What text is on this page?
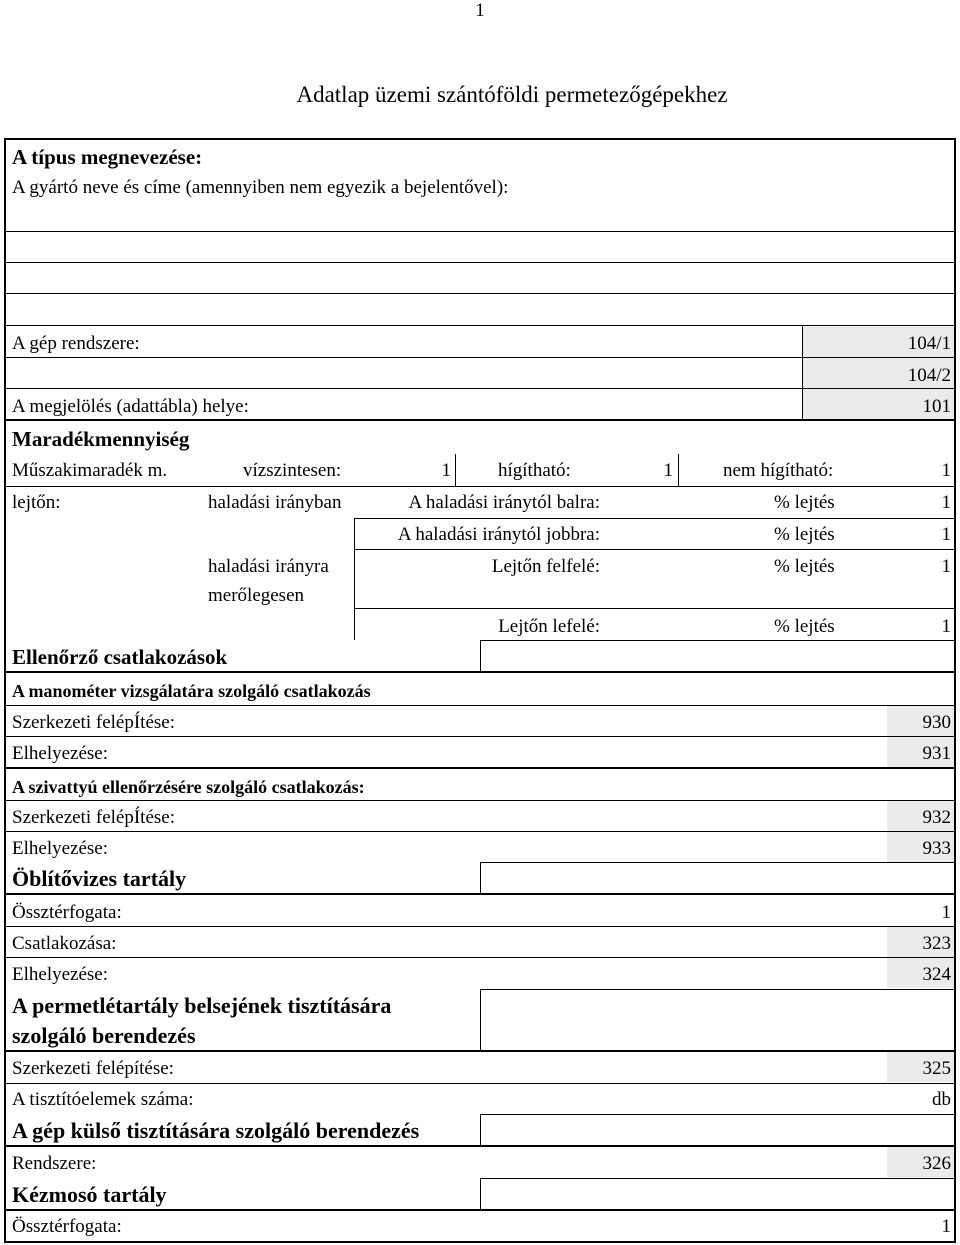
1
Adatlap üzemi szántóföldi permetezőgépekhez
A típus megnevezése:
A gyártó neve és címe (amennyiben nem egyezik a bejelentővel):
A gép rendszere:	104/1
104/2
A megjelölés (adattábla) helye:	101
Maradékmennyiség
Műszakimaradék m.	vízszintesen:	1 hígítható:	1	nem hígítható:	1
lejtőn:	haladási irányban	A haladási iránytól balra:	% lejtés	1
A haladási iránytól jobbra:	% lejtés	1
haladási irányra
merőlegesen
Lejtőn felfelé:	% lejtés	1
Lejtőn lefelé:	% lejtés	1
Ellenőrző csatlakozások
A manométer vizsgálatára szolgáló csatlakozás
Szerkezeti felépÍtése:	930
Elhelyezése:	931
A szivattyú ellenőrzésére szolgáló csatlakozás:
Szerkezeti felépÍtése:	932
Elhelyezése:	933
Öblítővizes tartály
Össztérfogata:	1
Csatlakozása:	323
Elhelyezése:	324
A permetlétartály belsejének tisztítására
szolgáló berendezés
Szerkezeti felépítése:	325
A tisztítóelemek száma:	db
A gép külső tisztítására szolgáló berendezés
Rendszere:	326
Kézmosó tartály
Össztérfogata:	1
